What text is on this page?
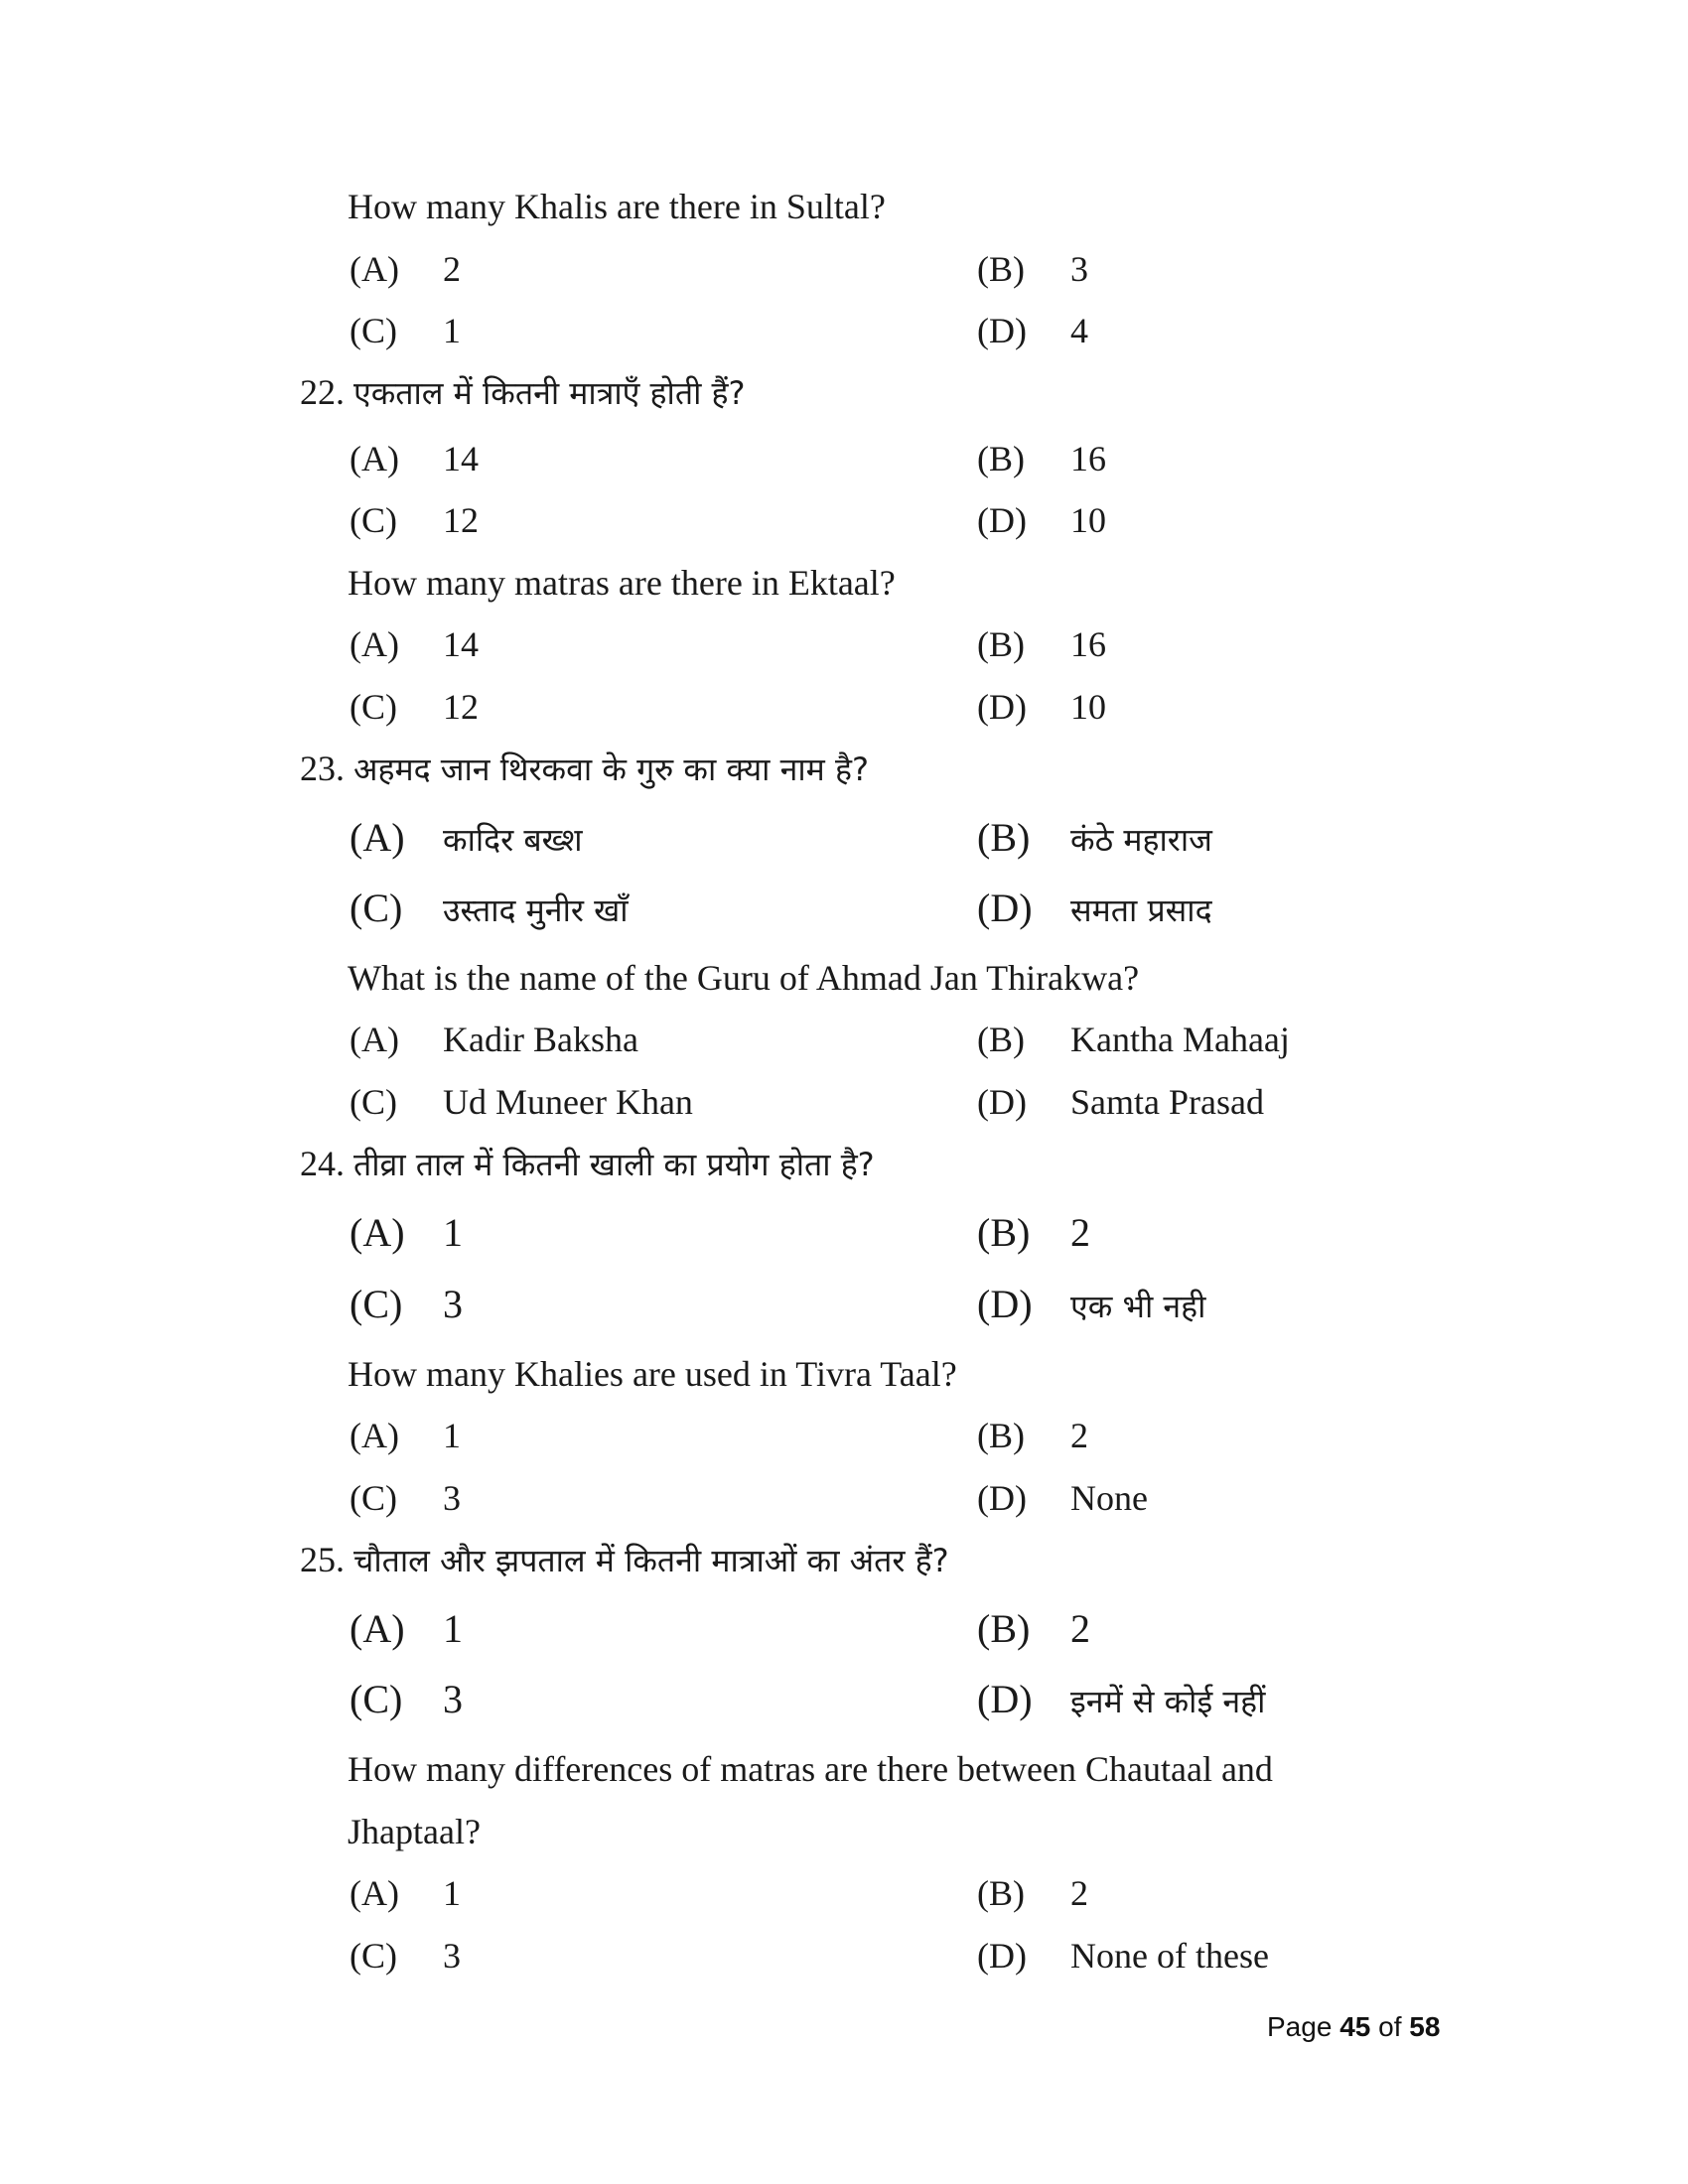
How many Khalis are there in Sultal?
(A) 2	(B) 3
(C) 1	(D) 4
22. एकताल में कितनी मात्राएँ होती हैं?
(A) 14	(B) 16
(C) 12	(D) 10
How many matras are there in Ektaal?
(A) 14	(B) 16
(C) 12	(D) 10
23. अहमद जान थिरकवा के गुरु का क्या नाम है?
(A) कादिर बख्श	(B) कंठे महाराज
(C) उस्ताद मुनीर खाँ	(D) समता प्रसाद
What is the name of the Guru of Ahmad Jan Thirakwa?
(A) Kadir Baksha	(B) Kantha Mahaaj
(C) Ud Muneer Khan	(D) Samta Prasad
24. तीव्रा ताल में कितनी खाली का प्रयोग होता है?
(A) 1	(B) 2
(C) 3	(D) एक भी नही
How many Khalies are used in Tivra Taal?
(A) 1	(B) 2
(C) 3	(D) None
25. चौताल और झपताल में कितनी मात्राओं का अंतर हैं?
(A) 1	(B) 2
(C) 3	(D) इनमें से कोई नहीं
How many differences of matras are there between Chautaal and
Jhaptaal?
(A) 1	(B) 2
(C) 3	(D) None of these
Page 45 of 58
